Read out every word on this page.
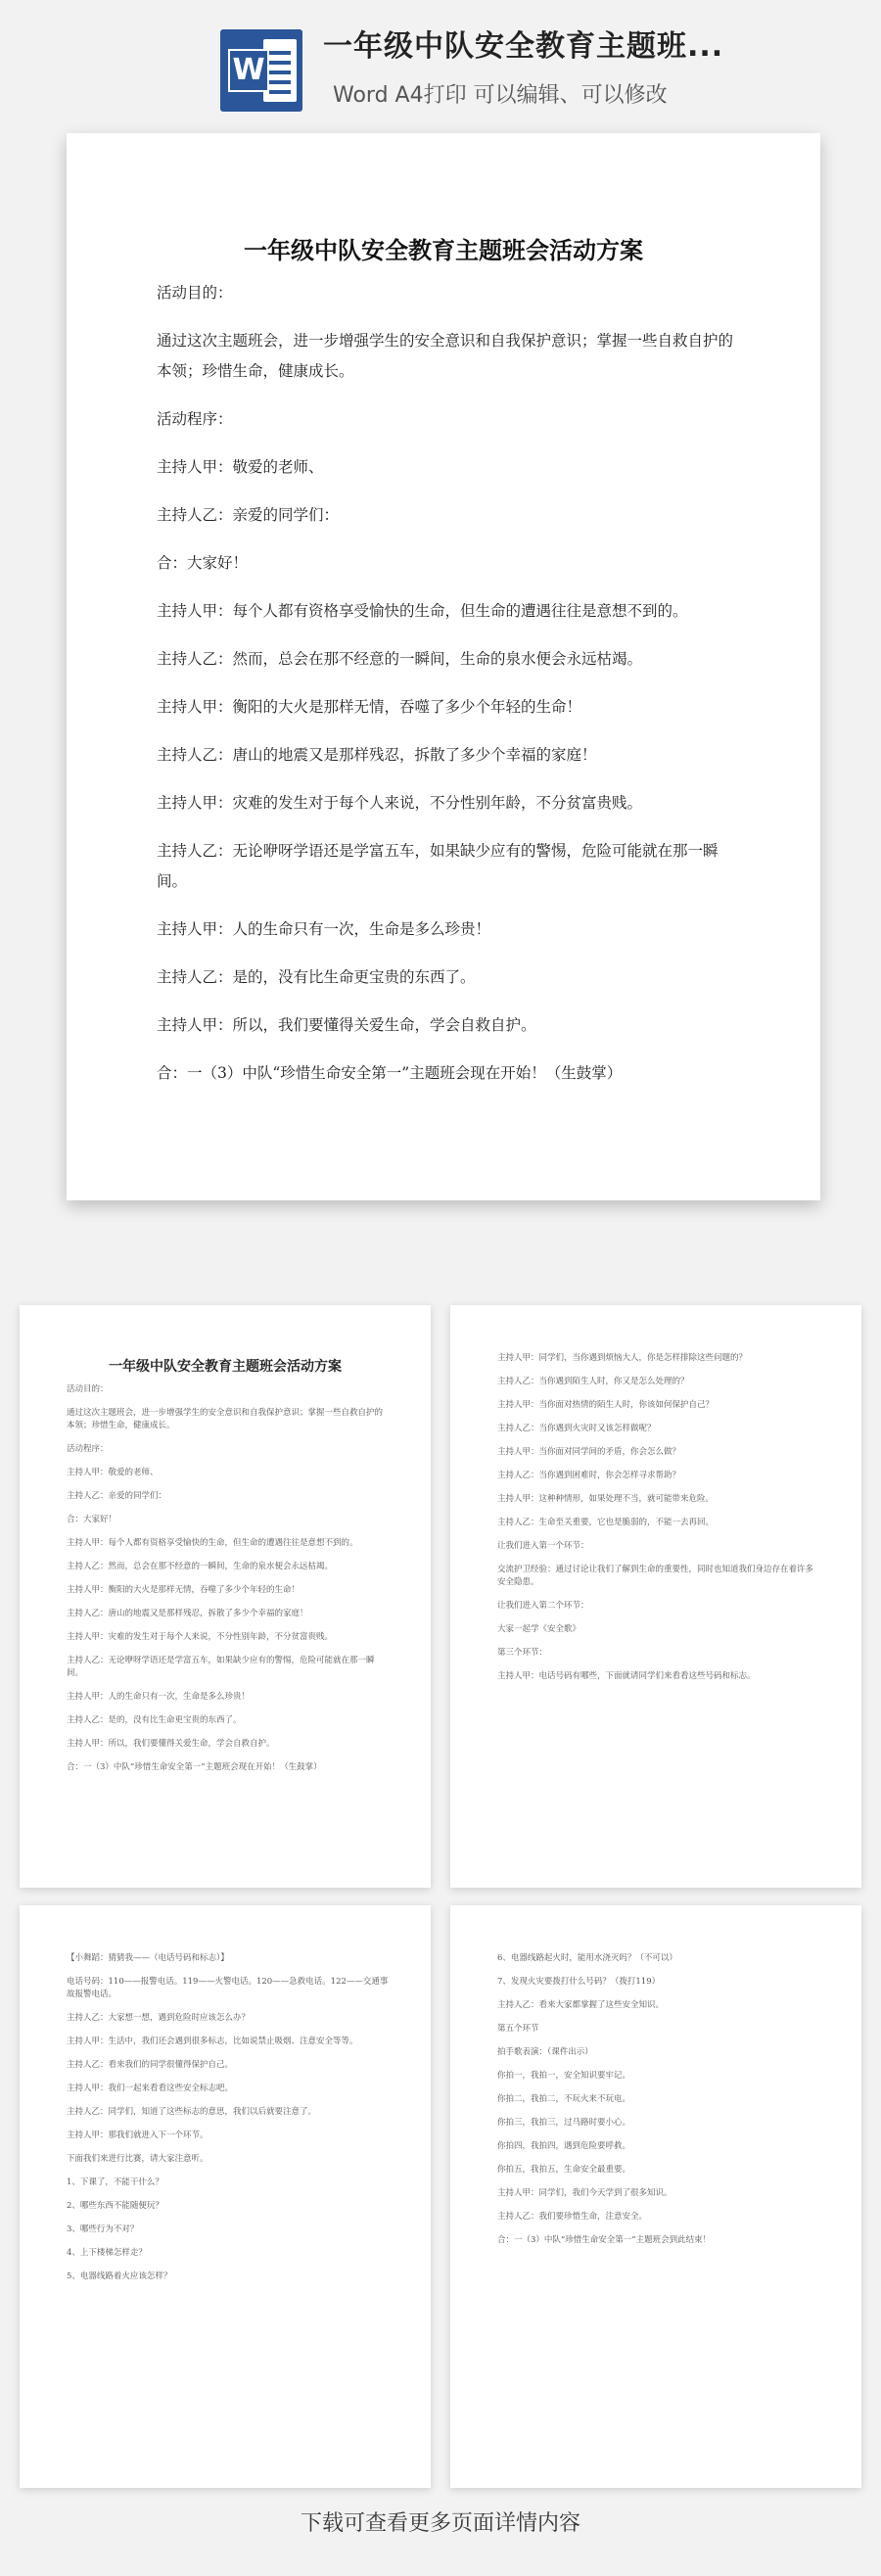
W
一年级中队安全教育主题班...
Word A4打印 可以编辑、可以修改
一年级中队安全教育主题班会活动方案

活动目的：

通过这次主题班会，进一步增强学生的安全意识和自我保护意识；掌握一些自救自护的本领；珍惜生命，健康成长。

活动程序：

主持人甲：敬爱的老师、

主持人乙：亲爱的同学们：

合：大家好！

主持人甲：每个人都有资格享受愉快的生命，但生命的遭遇往往是意想不到的。

主持人乙：然而，总会在那不经意的一瞬间，生命的泉水便会永远枯竭。

主持人甲：衡阳的大火是那样无情，吞噬了多少个年轻的生命！

主持人乙：唐山的地震又是那样残忍，拆散了多少个幸福的家庭！

主持人甲：灾难的发生对于每个人来说，不分性别年龄，不分贫富贵贱。

主持人乙：无论咿呀学语还是学富五车，如果缺少应有的警惕，危险可能就在那一瞬间。

主持人甲：人的生命只有一次，生命是多么珍贵！

主持人乙：是的，没有比生命更宝贵的东西了。

主持人甲：所以，我们要懂得关爱生命，学会自救自护。

合：一（3）中队“珍惜生命安全第一”主题班会现在开始！（生鼓掌）

一年级中队安全教育主题班会活动方案

活动目的：

通过这次主题班会，进一步增强学生的安全意识和自我保护意识；掌握一些自救自护的本领；珍惜生命，健康成长。

活动程序：

主持人甲：敬爱的老师、

主持人乙：亲爱的同学们：

合：大家好！

主持人甲：每个人都有资格享受愉快的生命，但生命的遭遇往往是意想不到的。

主持人乙：然而，总会在那不经意的一瞬间，生命的泉水便会永远枯竭。

主持人甲：衡阳的大火是那样无情，吞噬了多少个年轻的生命！

主持人乙：唐山的地震又是那样残忍，拆散了多少个幸福的家庭！

主持人甲：灾难的发生对于每个人来说，不分性别年龄，不分贫富贵贱。

主持人乙：无论咿呀学语还是学富五车，如果缺少应有的警惕，危险可能就在那一瞬间。

主持人甲：人的生命只有一次，生命是多么珍贵！

主持人乙：是的，没有比生命更宝贵的东西了。

主持人甲：所以，我们要懂得关爱生命，学会自救自护。

合：一（3）中队“珍惜生命安全第一”主题班会现在开始！（生鼓掌）

主持人甲：同学们，当你遇到烦恼大人，你是怎样排除这些问题的？

主持人乙：当你遇到陌生人时，你又是怎么处理的？

主持人甲：当你面对热情的陌生人时，你该如何保护自己？

主持人乙：当你遇到火灾时又该怎样做呢？

主持人甲：当你面对同学间的矛盾，你会怎么做？

主持人乙：当你遇到困难时，你会怎样寻求帮助？

主持人甲：这种种情形，如果处理不当，就可能带来危险。

主持人乙：生命至关重要，它也是脆弱的，不能一去再回。

让我们进入第一个环节：

交流护卫经验：通过讨论让我们了解到生命的重要性，同时也知道我们身边存在着许多安全隐患。

让我们进入第二个环节：

大家一起学《安全歌》

第三个环节：

主持人甲：电话号码有哪些，下面就请同学们来看看这些号码和标志。

【小舞蹈：猜猜我——（电话号码和标志）】

电话号码：110——报警电话。119——火警电话。120——急救电话。122——交通事故报警电话。

主持人乙：大家想一想，遇到危险时应该怎么办？

主持人甲：生活中，我们还会遇到很多标志，比如说禁止吸烟、注意安全等等。

主持人乙：看来我们的同学很懂得保护自己。

主持人甲：我们一起来看看这些安全标志吧。

主持人乙：同学们，知道了这些标志的意思，我们以后就要注意了。

主持人甲：那我们就进入下一个环节。

下面我们来进行比赛，请大家注意听。

1、下课了，不能干什么？

2、哪些东西不能随便玩？

3、哪些行为不对？

4、上下楼梯怎样走？

5、电器线路着火应该怎样？

6、电器线路起火时，能用水浇灭吗？（不可以）

7、发现火灾要拨打什么号码？（拨打119）

主持人乙：看来大家都掌握了这些安全知识。

第五个环节

拍手歌表演：（课件出示）

你拍一，我拍一，安全知识要牢记。

你拍二，我拍二，不玩火来不玩电。

你拍三，我拍三，过马路时要小心。

你拍四，我拍四，遇到危险要呼救。

你拍五，我拍五，生命安全最重要。

主持人甲：同学们，我们今天学到了很多知识。

主持人乙：我们要珍惜生命，注意安全。

合：一（3）中队“珍惜生命安全第一”主题班会到此结束！

下载可查看更多页面详情内容
